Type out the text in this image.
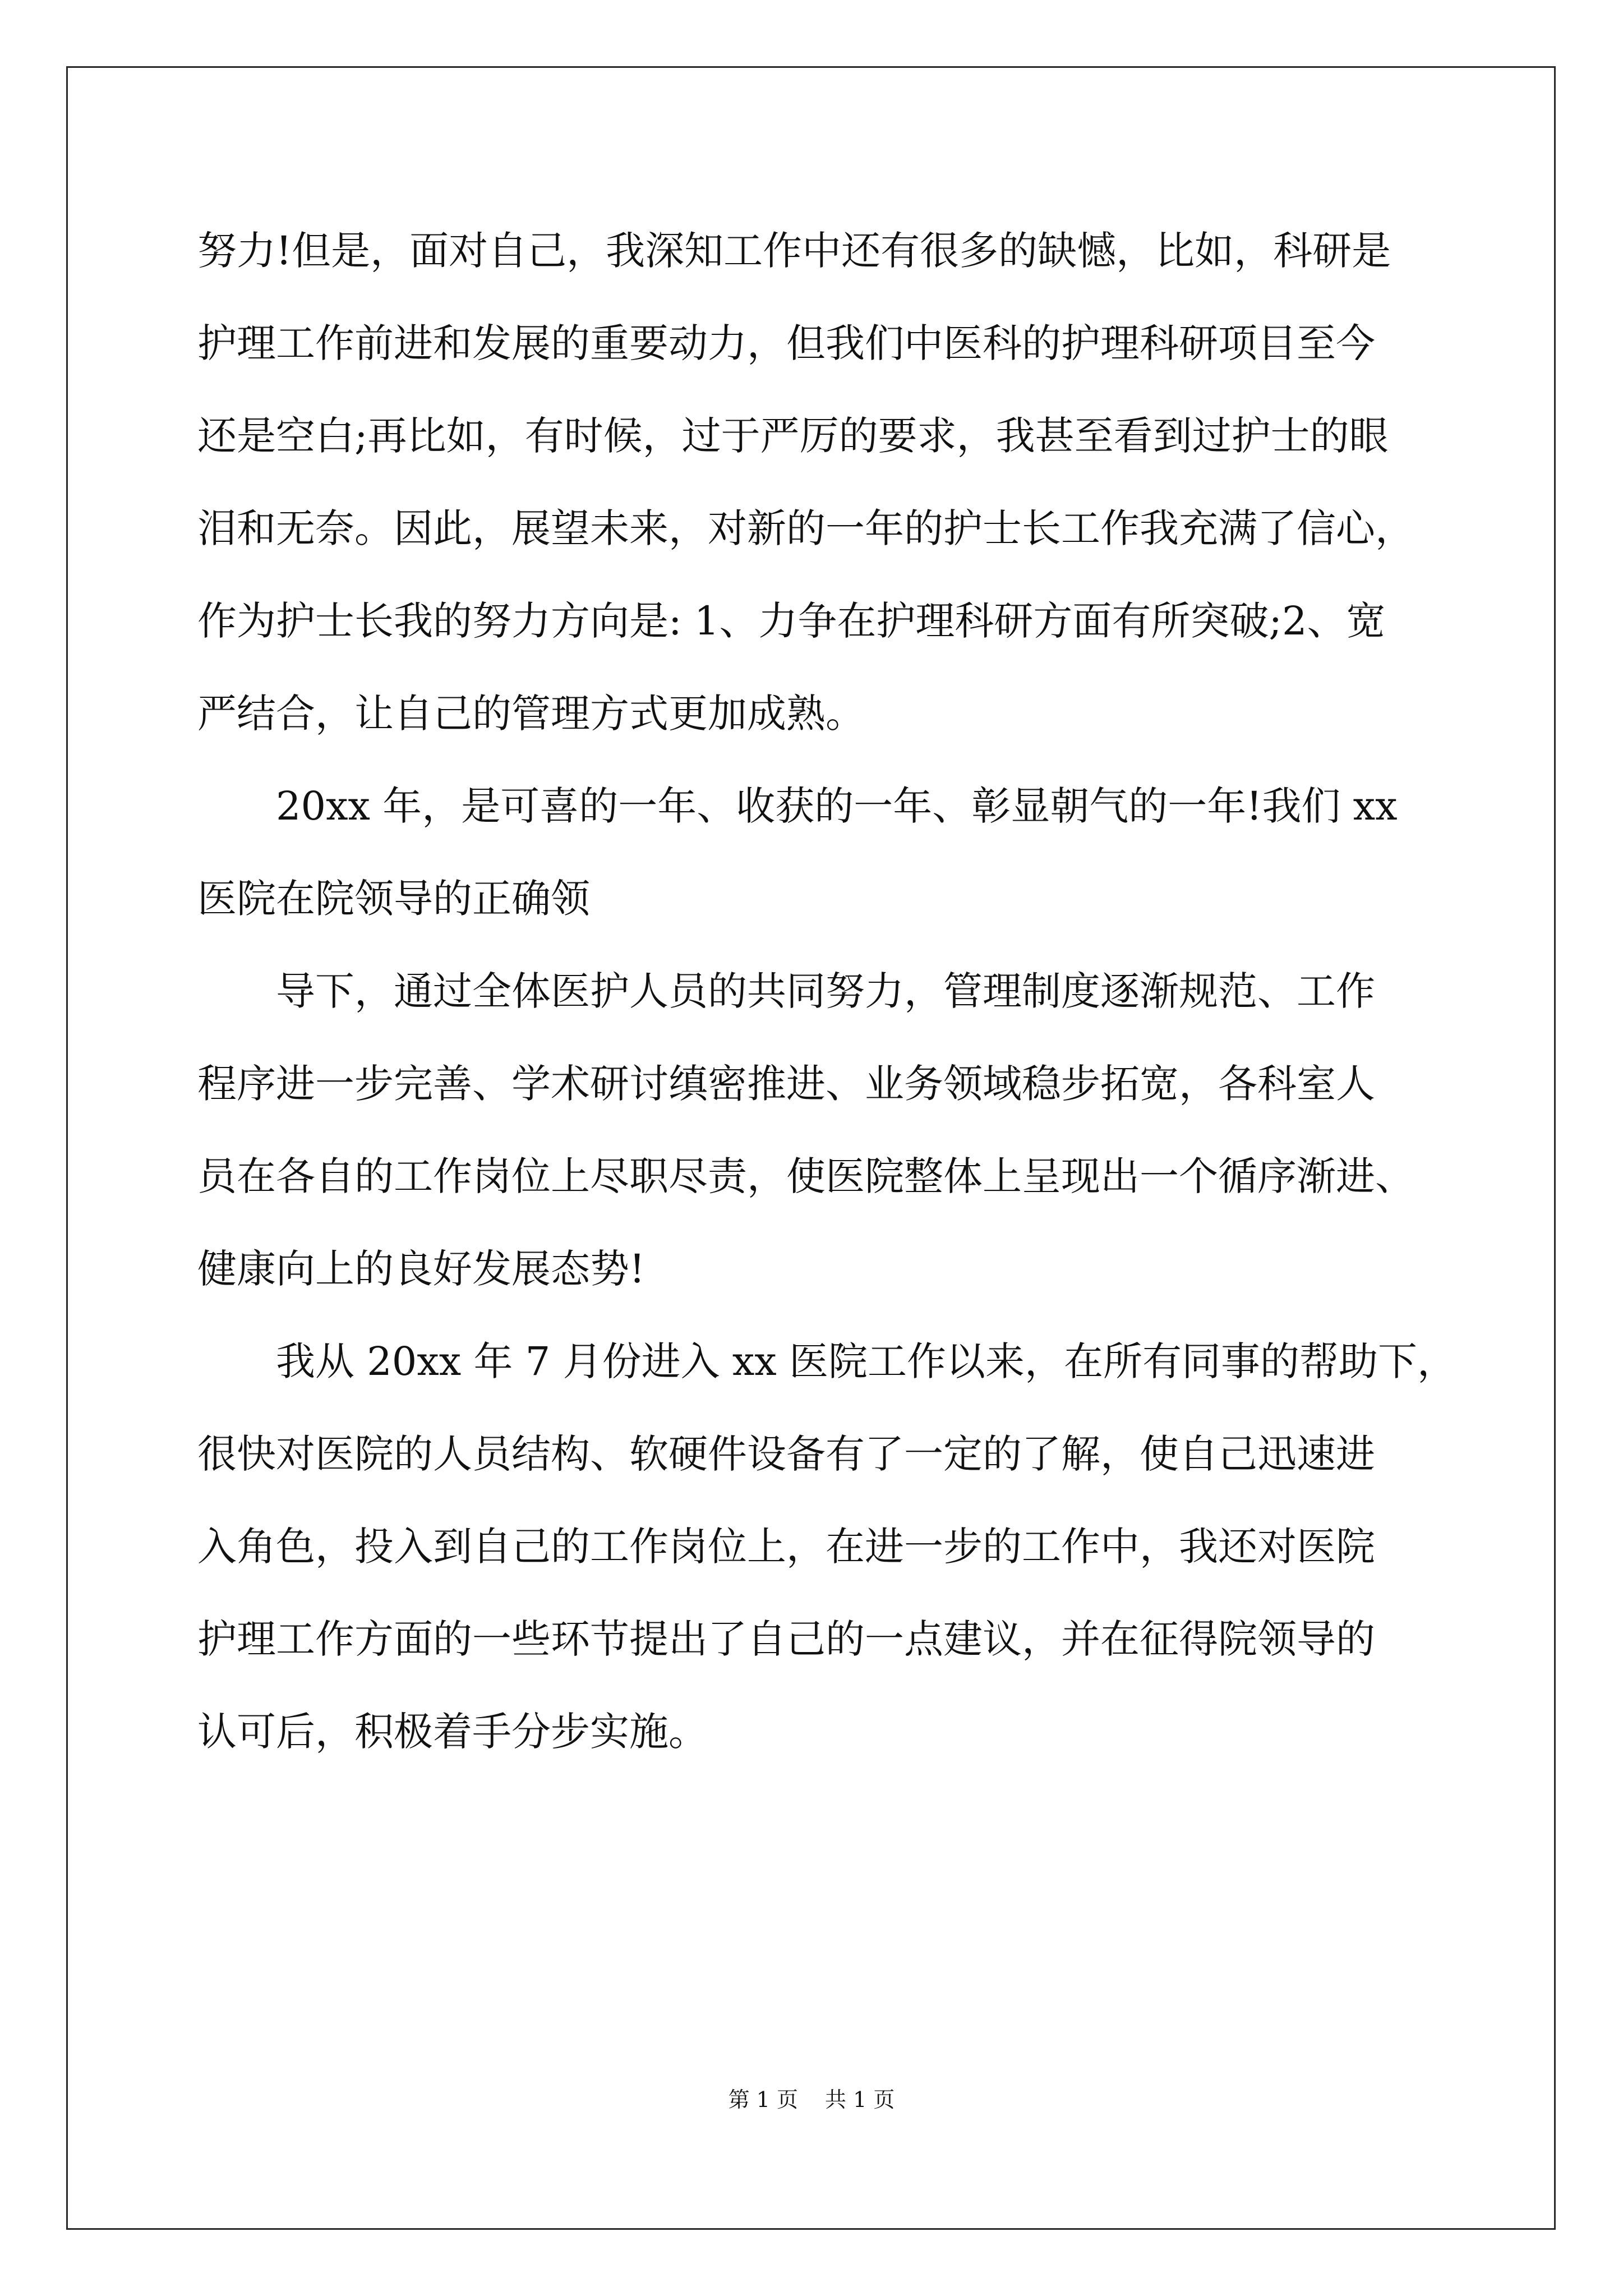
努力!但是，面对自己，我深知工作中还有很多的缺憾，比如，科研是

护理工作前进和发展的重要动力，但我们中医科的护理科研项目至今

还是空白;再比如，有时候，过于严厉的要求，我甚至看到过护士的眼

泪和无奈。因此，展望未来，对新的一年的护士长工作我充满了信心，

作为护士长我的努力方向是: 1、力争在护理科研方面有所突破;2、宽

严结合，让自己的管理方式更加成熟。

20xx 年，是可喜的一年、收获的一年、彰显朝气的一年!我们 xx

医院在院领导的正确领

导下，通过全体医护人员的共同努力，管理制度逐渐规范、工作

程序进一步完善、学术研讨缜密推进、业务领域稳步拓宽，各科室人

员在各自的工作岗位上尽职尽责，使医院整体上呈现出一个循序渐进、

健康向上的良好发展态势!

我从 20xx 年 7 月份进入 xx 医院工作以来，在所有同事的帮助下，

很快对医院的人员结构、软硬件设备有了一定的了解，使自己迅速进

入角色，投入到自己的工作岗位上，在进一步的工作中，我还对医院

护理工作方面的一些环节提出了自己的一点建议，并在征得院领导的

认可后，积极着手分步实施。

第 1 页 共 1 页
